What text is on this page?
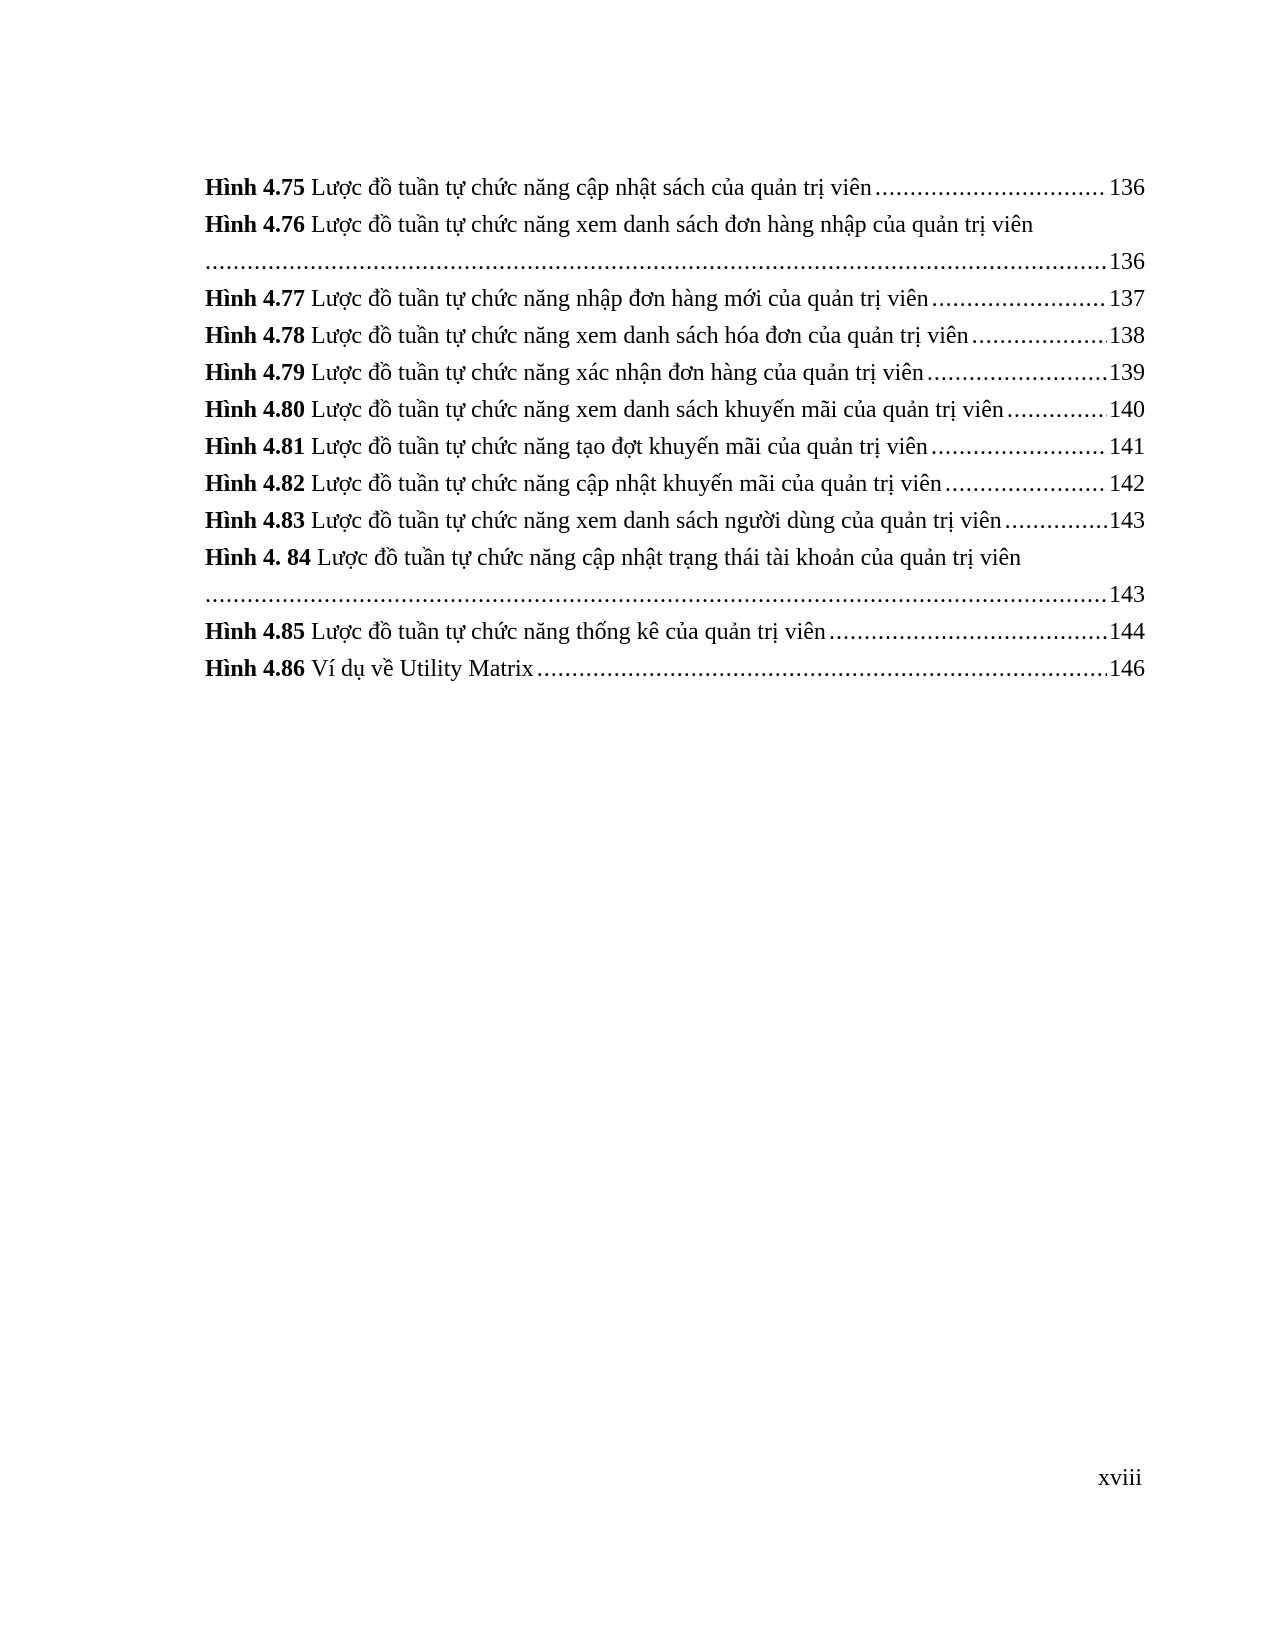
Hình 4.75 Lược đồ tuần tự chức năng cập nhật sách của quản trị viên .....	136
Hình 4.76 Lược đồ tuần tự chức năng xem danh sách đơn hàng nhập của quản trị viên
.....
136
Hình 4.77 Lược đồ tuần tự chức năng nhập đơn hàng mới của quản trị viên .....	137
Hình 4.78 Lược đồ tuần tự chức năng xem danh sách hóa đơn của quản trị viên .....	138
Hình 4.79 Lược đồ tuần tự chức năng xác nhận đơn hàng của quản trị viên .....	139
Hình 4.80 Lược đồ tuần tự chức năng xem danh sách khuyến mãi của quản trị viên .....	140
Hình 4.81 Lược đồ tuần tự chức năng tạo đợt khuyến mãi của quản trị viên .....	141
Hình 4.82 Lược đồ tuần tự chức năng cập nhật khuyến mãi của quản trị viên .....	142
Hình 4.83 Lược đồ tuần tự chức năng xem danh sách người dùng của quản trị viên .....	143
Hình 4. 84 Lược đồ tuần tự chức năng cập nhật trạng thái tài khoản của quản trị viên
.....
143
Hình 4.85 Lược đồ tuần tự chức năng thống kê của quản trị viên .....	144
Hình 4.86 Ví dụ về Utility Matrix .....	146
xviii
